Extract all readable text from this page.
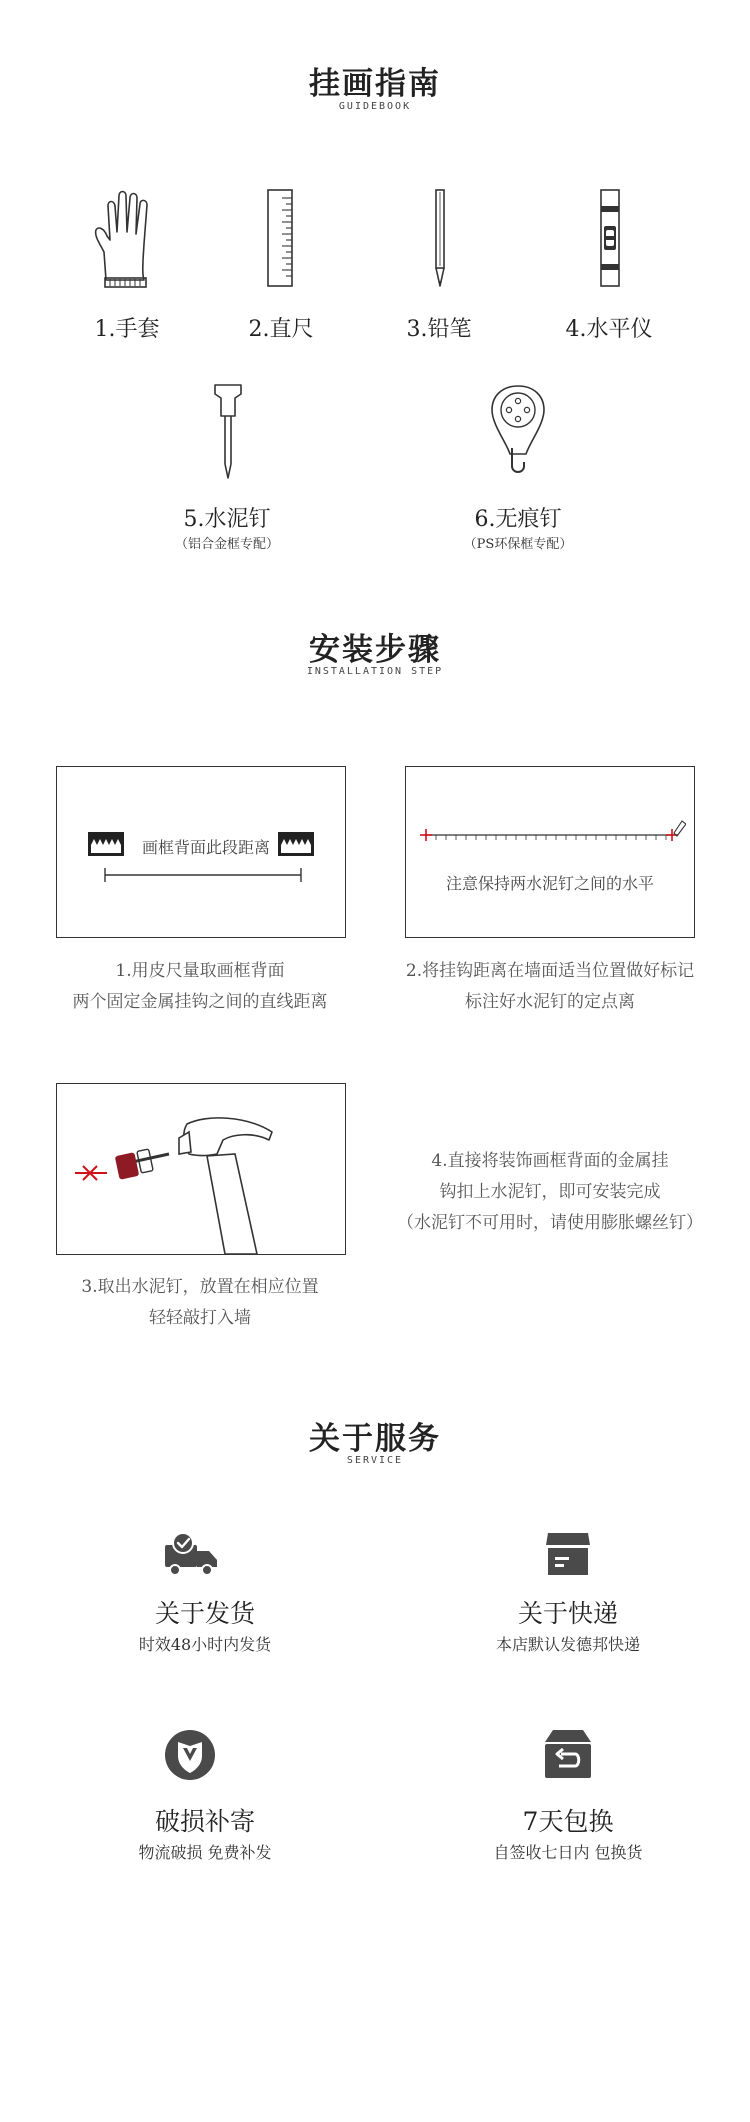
挂画指南
GUIDEBOOK
1.手套	2.直尺	3.铅笔	4.水平仪
5.水泥钉
（铝合金框专配）
6.无痕钉
（PS环保框专配）
安装步骤
INSTALLATION STEP
画框背面此段距离
注意保持两水泥钉之间的水平
1.用皮尺量取画框背面
两个固定金属挂钩之间的直线距离
2.将挂钩距离在墙面适当位置做好标记
标注好水泥钉的定点离
3.取出水泥钉，放置在相应位置
轻轻敲打入墙
4.直接将装饰画框背面的金属挂
钩扣上水泥钉，即可安装完成
（水泥钉不可用时，请使用膨胀螺丝钉）
关于服务
SERVICE
关于发货
时效48小时内发货
关于快递
本店默认发德邦快递
破损补寄
物流破损 免费补发
7天包换
自签收七日内 包换货
